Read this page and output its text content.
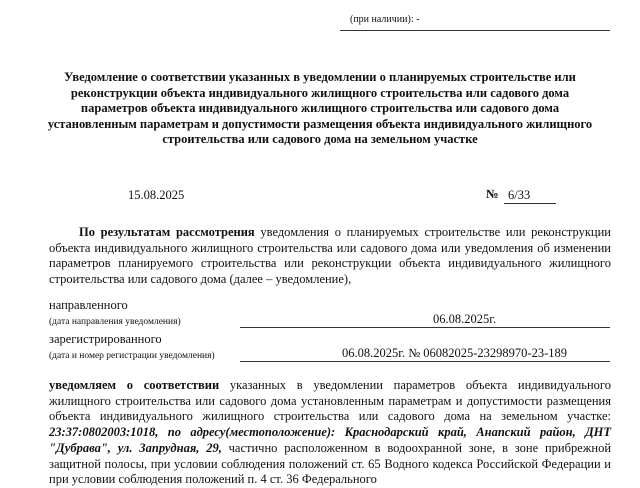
(при наличии): -
Уведомление о соответствии указанных в уведомлении о планируемых строительстве или реконструкции объекта индивидуального жилищного строительства или садового дома параметров объекта индивидуального жилищного строительства или садового дома установленным параметрам и допустимости размещения объекта индивидуального жилищного строительства или садового дома на земельном участке
15.08.2025	№ 6/33
По результатам рассмотрения уведомления о планируемых строительстве или реконструкции объекта индивидуального жилищного строительства или садового дома или уведомления об изменении параметров планируемого строительства или реконструкции объекта индивидуального жилищного строительства или садового дома (далее – уведомление),
направленного
06.08.2025г.
(дата направления уведомления)
зарегистрированного
06.08.2025г. № 06082025-23298970-23-189
(дата и номер регистрации уведомления)
уведомляем о соответствии указанных в уведомлении параметров объекта индивидуального жилищного строительства или садового дома установленным параметрам и допустимости размещения объекта индивидуального жилищного строительства или садового дома на земельном участке: 23:37:0802003:1018, по адресу(местоположение): Краснодарский край, Анапский район, ДНТ "Дубрава", ул. Запрудная, 29, частично расположенном в водоохранной зоне, в зоне прибрежной защитной полосы, при условии соблюдения положений ст. 65 Водного кодекса Российской Федерации и при условии соблюдения положений п. 4 ст. 36 Федерального
